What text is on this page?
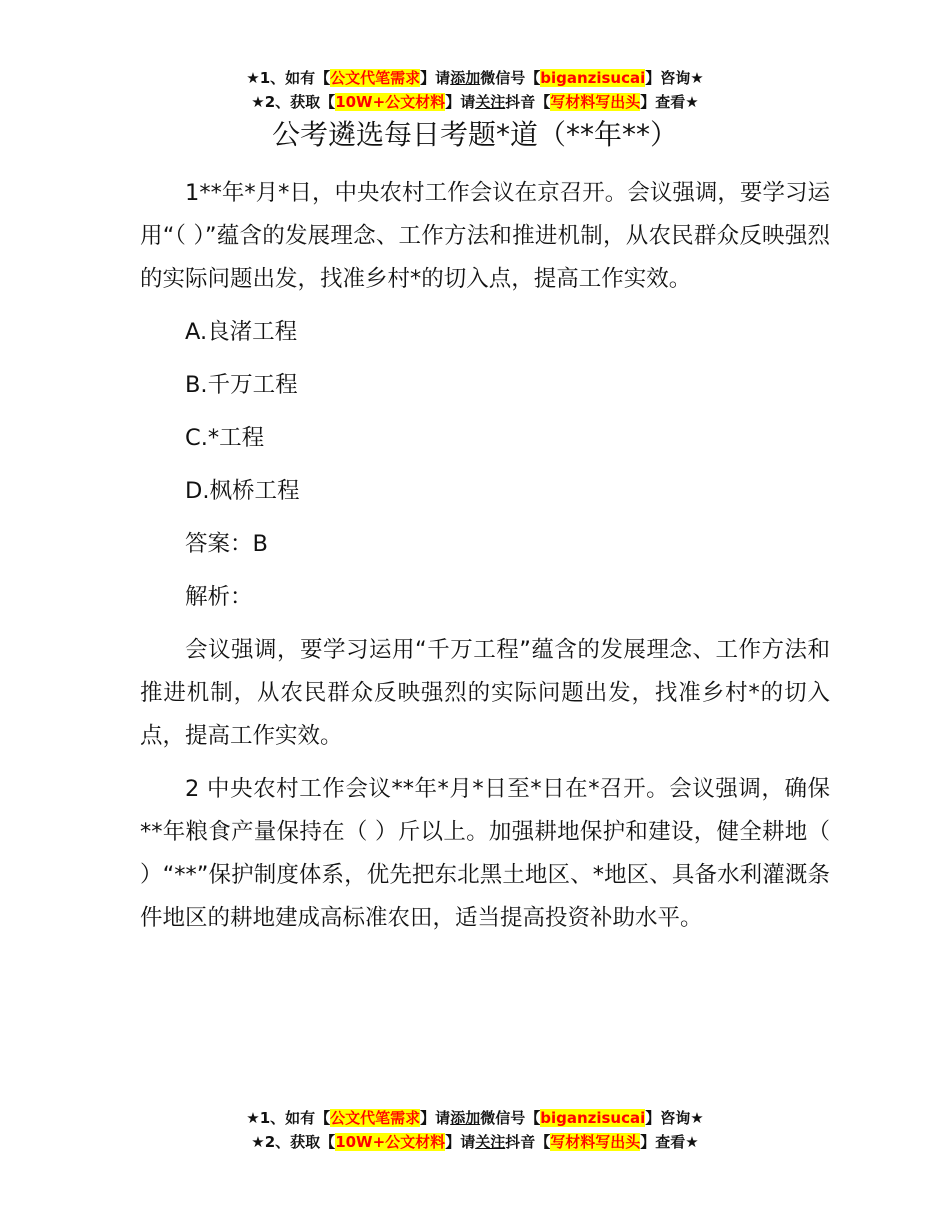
★1、如有【公文代笔需求】请添加微信号【biganzisucai】咨询★
★2、获取【10W+公文材料】请关注抖音【写材料写出头】查看★
公考遴选每日考题*道（**年**）

1**年*月*日，中央农村工作会议在京召开。会议强调，要学习运用“（ ）”蕴含的发展理念、工作方法和推进机制，从农民群众反映强烈的实际问题出发，找准乡村*的切入点，提高工作实效。

A.良渚工程

B.千万工程

C.*工程

D.枫桥工程

答案：B

解析：

会议强调，要学习运用“千万工程”蕴含的发展理念、工作方法和推进机制，从农民群众反映强烈的实际问题出发，找准乡村*的切入点，提高工作实效。

2 中央农村工作会议**年*月*日至*日在*召开。会议强调，确保**年粮食产量保持在（ ）斤以上。加强耕地保护和建设，健全耕地（ ）“**”保护制度体系，优先把东北黑土地区、*地区、具备水利灌溉条件地区的耕地建成高标准农田，适当提高投资补助水平。

★1、如有【公文代笔需求】请添加微信号【biganzisucai】咨询★
★2、获取【10W+公文材料】请关注抖音【写材料写出头】查看★
